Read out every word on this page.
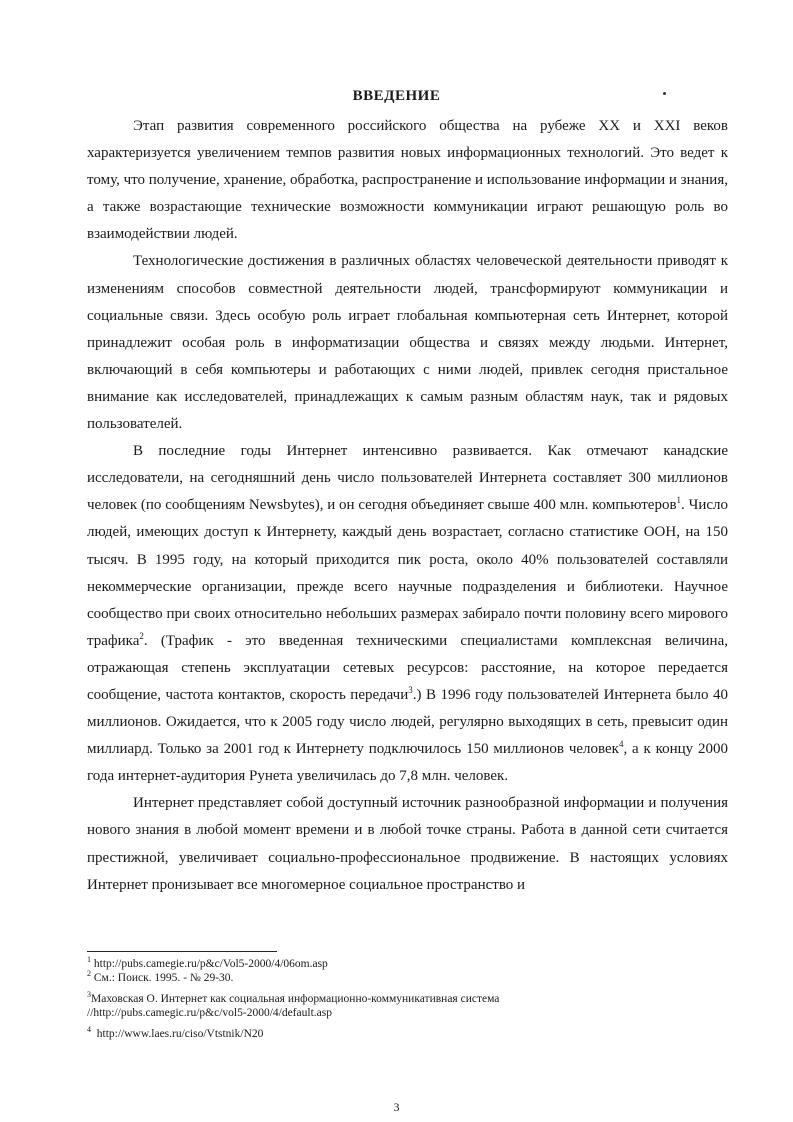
ВВЕДЕНИЕ

Этап развития современного российского общества на рубеже XX и XXI веков характеризуется увеличением темпов развития новых информационных технологий. Это ведет к тому, что получение, хранение, обработка, распространение и использование информации и знания, а также возрастающие технические возможности коммуникации играют решающую роль во взаимодействии людей.

Технологические достижения в различных областях человеческой деятельности приводят к изменениям способов совместной деятельности людей, трансформируют коммуникации и социальные связи. Здесь особую роль играет глобальная компьютерная сеть Интернет, которой принадлежит особая роль в информатизации общества и связях между людьми. Интернет, включающий в себя компьютеры и работающих с ними людей, привлек сегодня пристальное внимание как исследователей, принадлежащих к самым разным областям наук, так и рядовых пользователей.

В последние годы Интернет интенсивно развивается. Как отмечают канадские исследователи, на сегодняшний день число пользователей Интернета составляет 300 миллионов человек (по сообщениям Newsbytes), и он сегодня объединяет свыше 400 млн. компьютеров$^1$. Число людей, имеющих доступ к Интернету, каждый день возрастает, согласно статистике ООН, на 150 тысяч. В 1995 году, на который приходится пик роста, около 40% пользователей составляли некоммерческие организации, прежде всего научные подразделения и библиотеки. Научное сообщество при своих относительно небольших размерах забирало почти половину всего мирового трафика$^2$. (Трафик - это введенная техническими специалистами комплексная величина, отражающая степень эксплуатации сетевых ресурсов: расстояние, на которое передается сообщение, частота контактов, скорость передачи$^3$.) В 1996 году пользователей Интернета было 40 миллионов. Ожидается, что к 2005 году число людей, регулярно выходящих в сеть, превысит один миллиард. Только за 2001 год к Интернету подключилось 150 миллионов человек$^4$, а к концу 2000 года интернет-аудитория Рунета увеличилась до 7,8 млн. человек.

Интернет представляет собой доступный источник разнообразной информации и получения нового знания в любой момент времени и в любой точке страны. Работа в данной сети считается престижной, увеличивает социально-профессиональное продвижение. В настоящих условиях Интернет пронизывает все многомерное социальное пространство и

$^1$ http://pubs.camegie.ru/p&c/Vol5-2000/4/06om.asp

$^2$ См.: Поиск. 1995. - № 29-30.

$^3$Маховская О. Интернет как социальная информационно-коммуникативная система
//http://pubs.camegic.ru/p&c/vol5-2000/4/default.asp

$^4$ http://www.laes.ru/ciso/Vtstnik/N20

3
